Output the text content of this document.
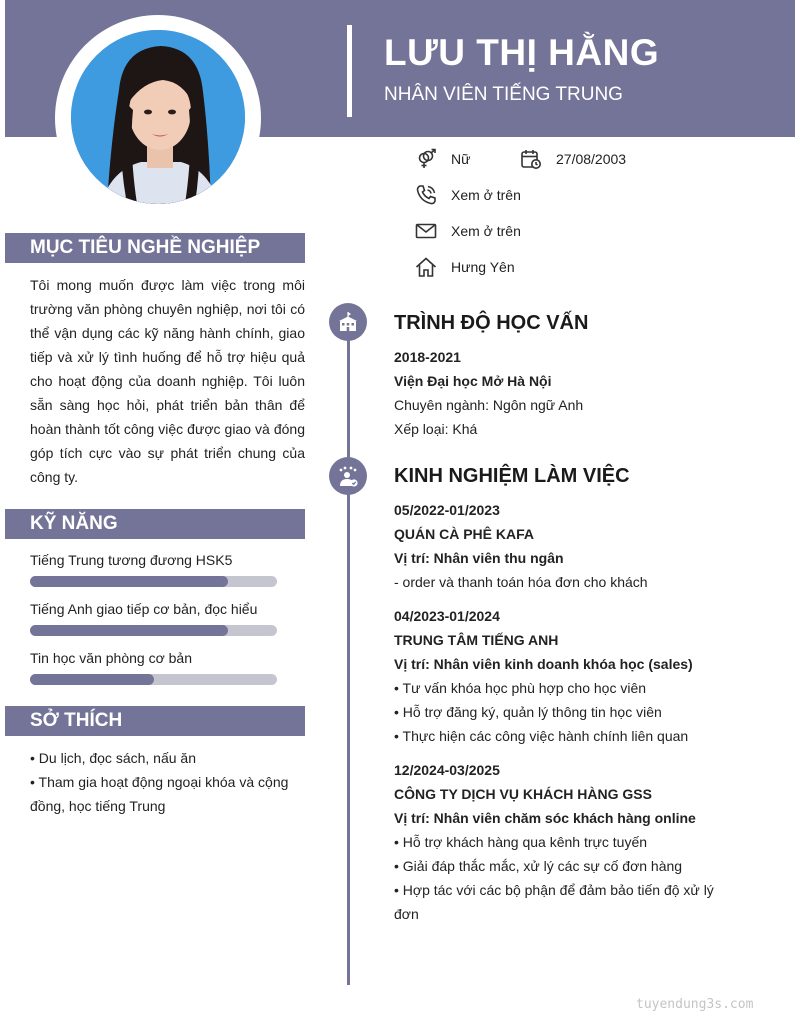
LƯU THỊ HẰNG
NHÂN VIÊN TIẾNG TRUNG
Nữ	27/08/2003
Xem ở trên
Xem ở trên
Hưng Yên
MỤC TIÊU NGHỀ NGHIỆP
Tôi mong muốn được làm việc trong môi trường văn phòng chuyên nghiệp, nơi tôi có thể vận dụng các kỹ năng hành chính, giao tiếp và xử lý tình huống để hỗ trợ hiệu quả cho hoạt động của doanh nghiệp. Tôi luôn sẵn sàng học hỏi, phát triển bản thân để hoàn thành tốt công việc được giao và đóng góp tích cực vào sự phát triển chung của công ty.
KỸ NĂNG
Tiếng Trung tương đương HSK5
Tiếng Anh giao tiếp cơ bản, đọc hiểu
Tin học văn phòng cơ bản
SỞ THÍCH
• Du lịch, đọc sách, nấu ăn
• Tham gia hoạt động ngoại khóa và cộng đồng, học tiếng Trung
TRÌNH ĐỘ HỌC VẤN
2018-2021
Viện Đại học Mở Hà Nội
Chuyên ngành: Ngôn ngữ Anh
Xếp loại: Khá
KINH NGHIỆM LÀM VIỆC
05/2022-01/2023
QUÁN CÀ PHÊ KAFA
Vị trí: Nhân viên thu ngân
- order và thanh toán hóa đơn cho khách
04/2023-01/2024
TRUNG TÂM TIẾNG ANH
Vị trí: Nhân viên kinh doanh khóa học (sales)
• Tư vấn khóa học phù hợp cho học viên
• Hỗ trợ đăng ký, quản lý thông tin học viên
• Thực hiện các công việc hành chính liên quan
12/2024-03/2025
CÔNG TY DỊCH VỤ KHÁCH HÀNG GSS
Vị trí: Nhân viên chăm sóc khách hàng online
• Hỗ trợ khách hàng qua kênh trực tuyến
• Giải đáp thắc mắc, xử lý các sự cố đơn hàng
• Hợp tác với các bộ phận để đảm bảo tiến độ xử lý đơn
tuyendung3s.com
